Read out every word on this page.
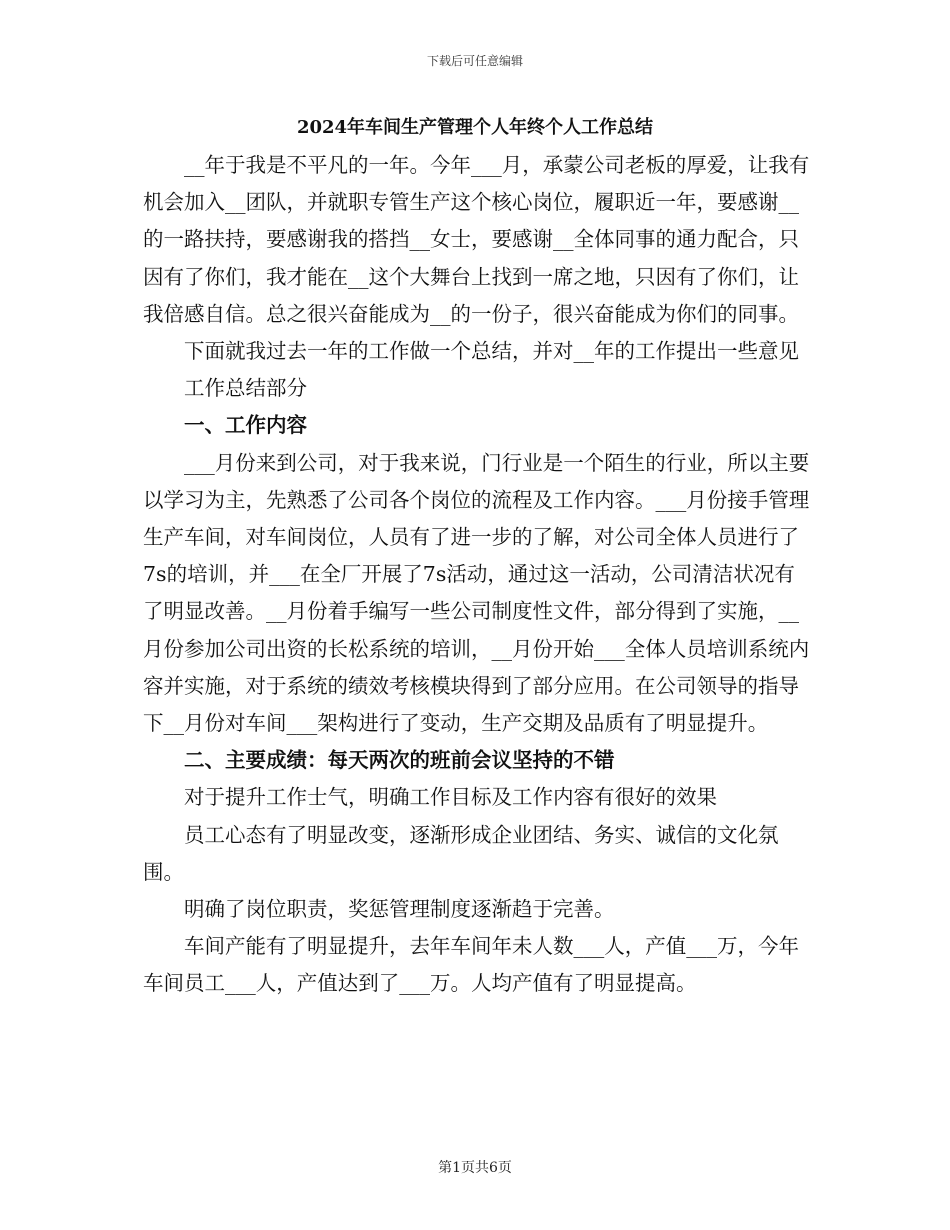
下载后可任意编辑
2024年车间生产管理个人年终个人工作总结

__年于我是不平凡的一年。今年___月，承蒙公司老板的厚爱，让我有机会加入__团队，并就职专管生产这个核心岗位，履职近一年，要感谢__的一路扶持，要感谢我的搭挡__女士，要感谢__全体同事的通力配合，只因有了你们，我才能在__这个大舞台上找到一席之地，只因有了你们，让我倍感自信。总之很兴奋能成为__的一份子，很兴奋能成为你们的同事。

下面就我过去一年的工作做一个总结，并对__年的工作提出一些意见

工作总结部分

一、工作内容

___月份来到公司，对于我来说，门行业是一个陌生的行业，所以主要以学习为主，先熟悉了公司各个岗位的流程及工作内容。___月份接手管理生产车间，对车间岗位，人员有了进一步的了解，对公司全体人员进行了7s的培训，并___在全厂开展了7s活动，通过这一活动，公司清洁状况有了明显改善。__月份着手编写一些公司制度性文件，部分得到了实施，__月份参加公司出资的长松系统的培训，__月份开始___全体人员培训系统内容并实施，对于系统的绩效考核模块得到了部分应用。在公司领导的指导下__月份对车间___架构进行了变动，生产交期及品质有了明显提升。

二、主要成绩：每天两次的班前会议坚持的不错

对于提升工作士气，明确工作目标及工作内容有很好的效果

员工心态有了明显改变，逐渐形成企业团结、务实、诚信的文化氛围。

明确了岗位职责，奖惩管理制度逐渐趋于完善。

车间产能有了明显提升，去年车间年未人数___人，产值___万，今年车间员工___人，产值达到了___万。人均产值有了明显提高。

第1页共6页
